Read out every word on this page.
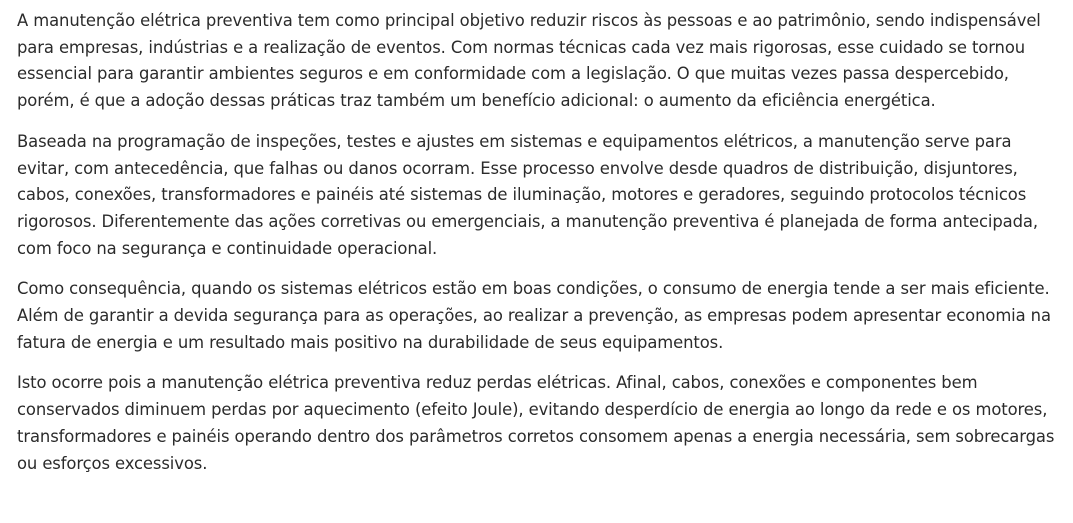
A manutenção elétrica preventiva tem como principal objetivo reduzir riscos às pessoas e ao patrimônio, sendo indispensável para empresas, indústrias e a realização de eventos. Com normas técnicas cada vez mais rigorosas, esse cuidado se tornou essencial para garantir ambientes seguros e em conformidade com a legislação. O que muitas vezes passa despercebido, porém, é que a adoção dessas práticas traz também um benefício adicional: o aumento da eficiência energética.

Baseada na programação de inspeções, testes e ajustes em sistemas e equipamentos elétricos, a manutenção serve para evitar, com antecedência, que falhas ou danos ocorram. Esse processo envolve desde quadros de distribuição, disjuntores, cabos, conexões, transformadores e painéis até sistemas de iluminação, motores e geradores, seguindo protocolos técnicos rigorosos. Diferentemente das ações corretivas ou emergenciais, a manutenção preventiva é planejada de forma antecipada, com foco na segurança e continuidade operacional.

Como consequência, quando os sistemas elétricos estão em boas condições, o consumo de energia tende a ser mais eficiente. Além de garantir a devida segurança para as operações, ao realizar a prevenção, as empresas podem apresentar economia na fatura de energia e um resultado mais positivo na durabilidade de seus equipamentos.

Isto ocorre pois a manutenção elétrica preventiva reduz perdas elétricas. Afinal, cabos, conexões e componentes bem conservados diminuem perdas por aquecimento (efeito Joule), evitando desperdício de energia ao longo da rede e os motores, transformadores e painéis operando dentro dos parâmetros corretos consomem apenas a energia necessária, sem sobrecargas ou esforços excessivos.
